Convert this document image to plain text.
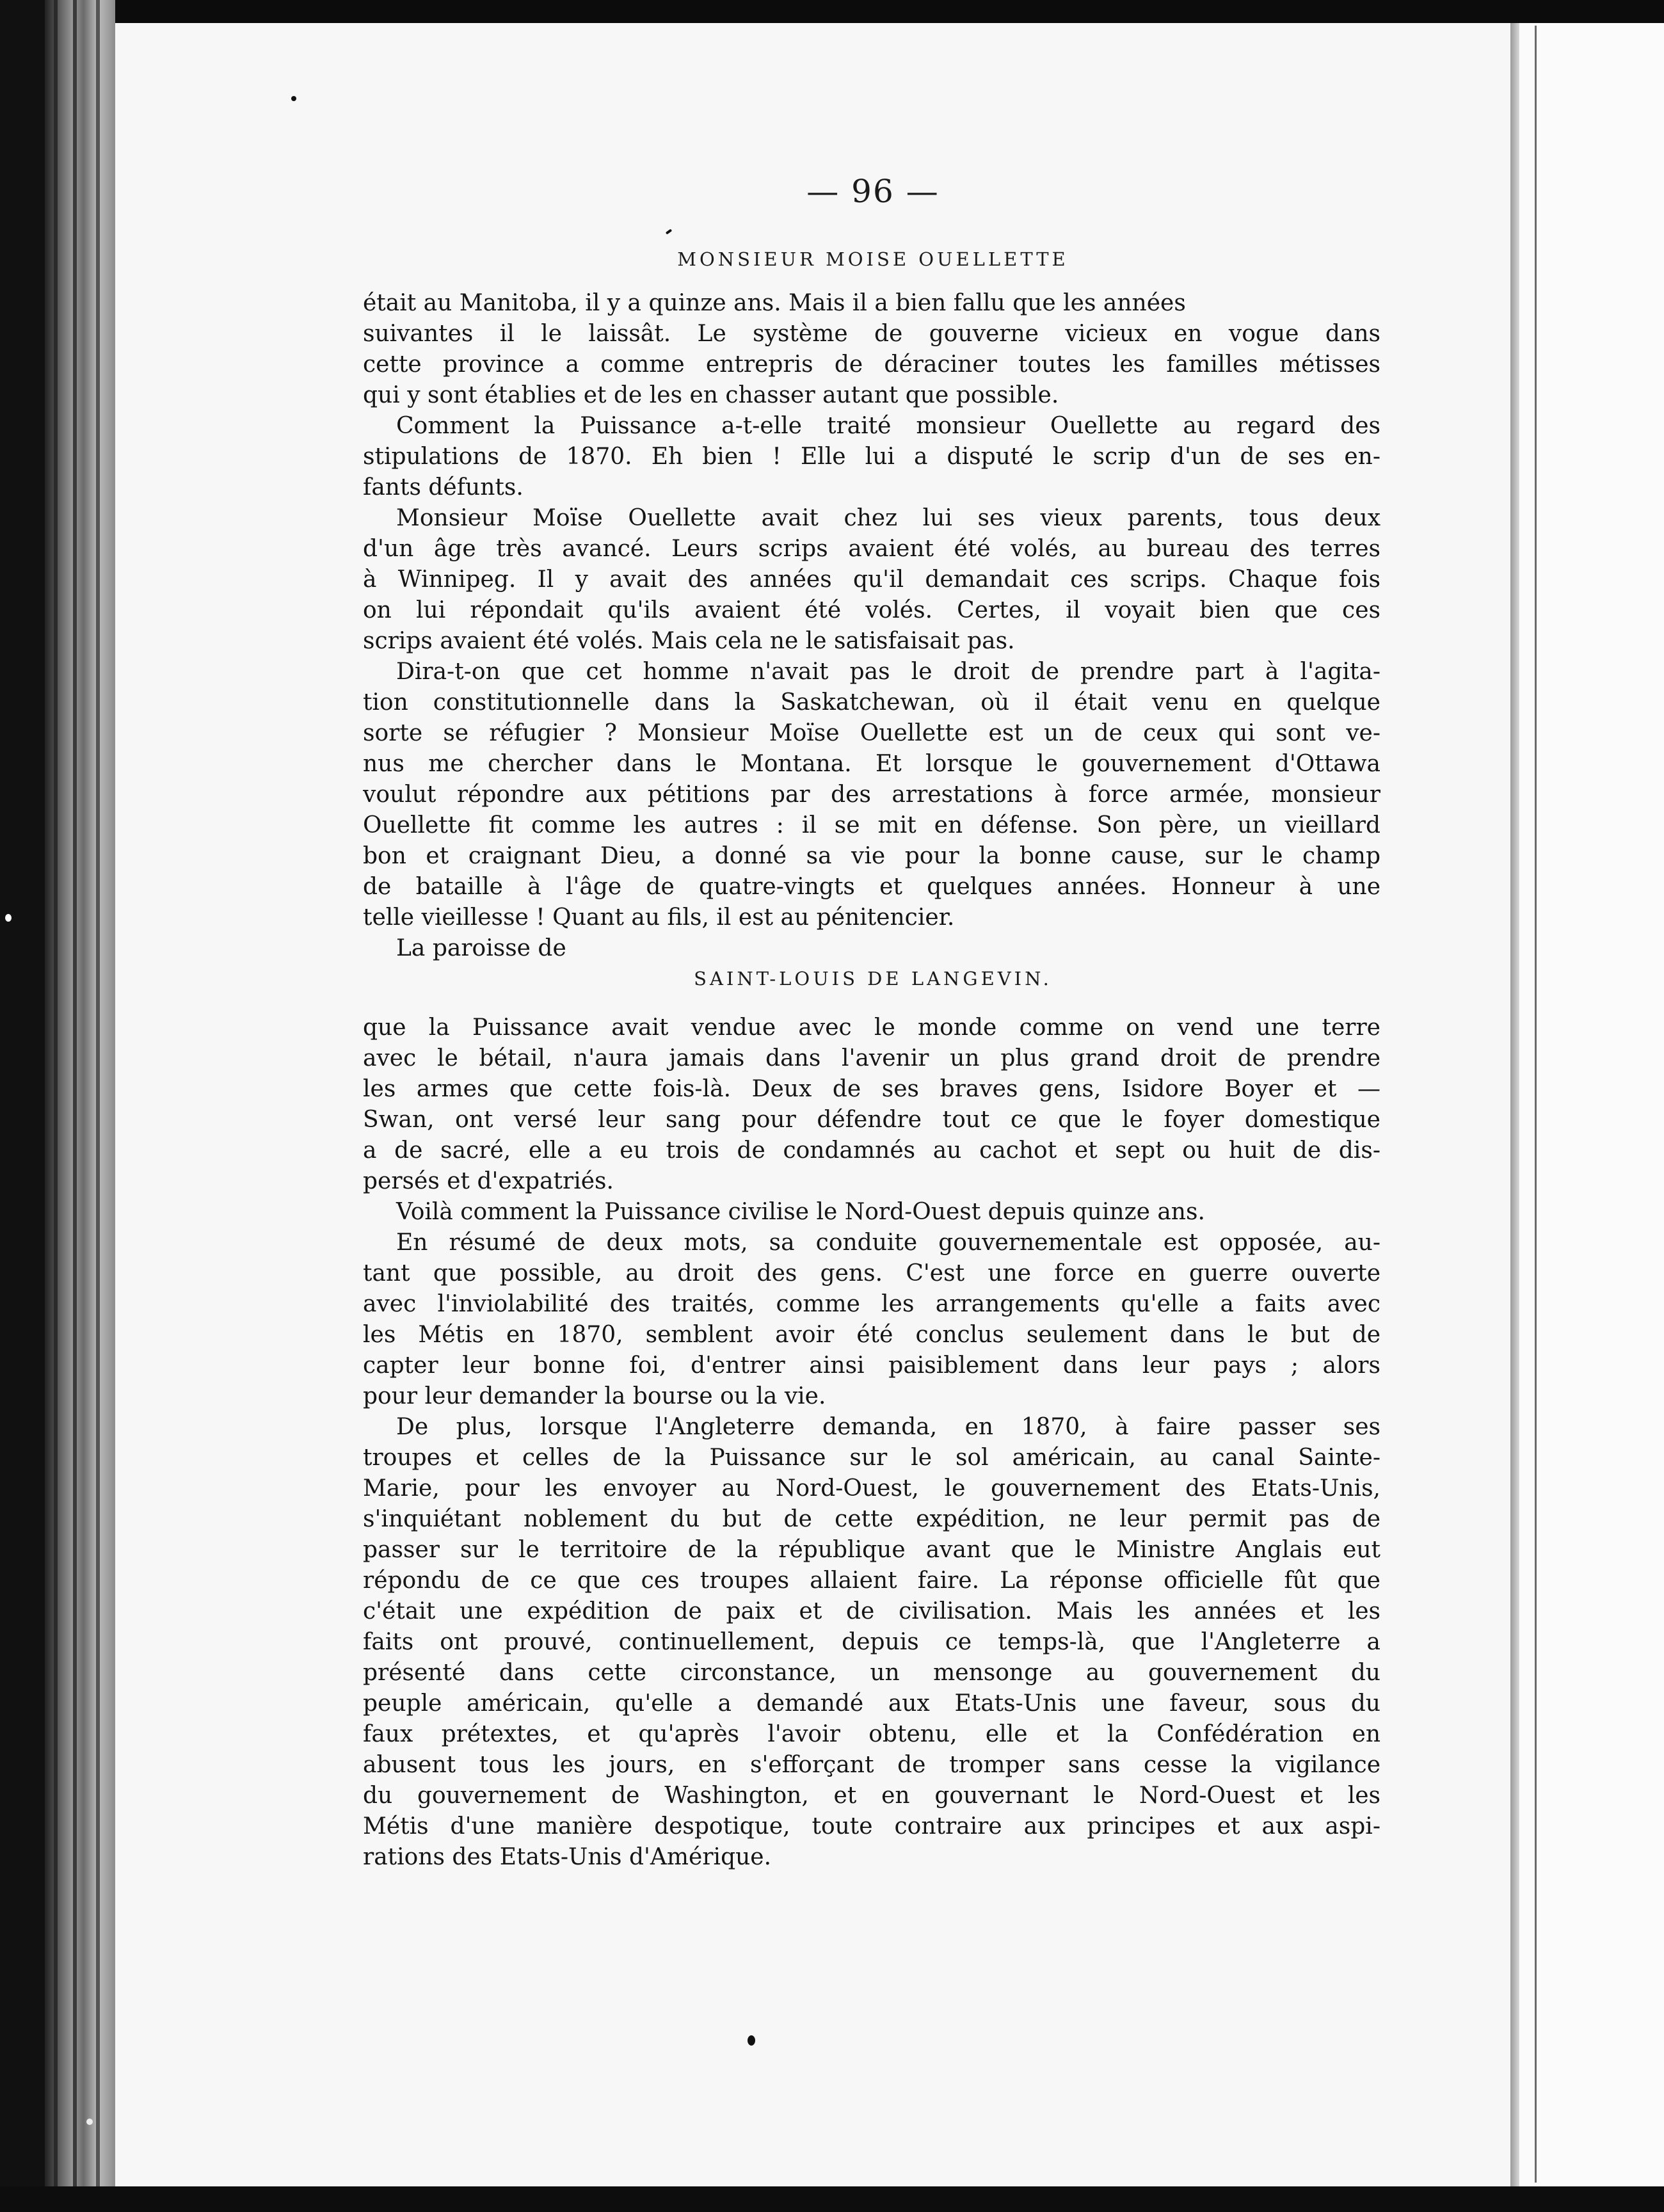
— 96 —
MONSIEUR MOISE OUELLETTE
était au Manitoba, il y a quinze ans. Mais il a bien fallu que les années
suivantes il le laissât. Le système de gouverne vicieux en vogue dans
cette province a comme entrepris de déraciner toutes les familles métisses
qui y sont établies et de les en chasser autant que possible.
Comment la Puissance a-t-elle traité monsieur Ouellette au regard des
stipulations de 1870. Eh bien ! Elle lui a disputé le scrip d'un de ses en-
fants défunts.
Monsieur Moïse Ouellette avait chez lui ses vieux parents, tous deux
d'un âge très avancé. Leurs scrips avaient été volés, au bureau des terres
à Winnipeg. Il y avait des années qu'il demandait ces scrips. Chaque fois
on lui répondait qu'ils avaient été volés. Certes, il voyait bien que ces
scrips avaient été volés. Mais cela ne le satisfaisait pas.
Dira-t-on que cet homme n'avait pas le droit de prendre part à l'agita-
tion constitutionnelle dans la Saskatchewan, où il était venu en quelque
sorte se réfugier ? Monsieur Moïse Ouellette est un de ceux qui sont ve-
nus me chercher dans le Montana. Et lorsque le gouvernement d'Ottawa
voulut répondre aux pétitions par des arrestations à force armée, monsieur
Ouellette fit comme les autres : il se mit en défense. Son père, un vieillard
bon et craignant Dieu, a donné sa vie pour la bonne cause, sur le champ
de bataille à l'âge de quatre-vingts et quelques années. Honneur à une
telle vieillesse ! Quant au fils, il est au pénitencier.
La paroisse de
SAINT-LOUIS DE LANGEVIN.
que la Puissance avait vendue avec le monde comme on vend une terre
avec le bétail, n'aura jamais dans l'avenir un plus grand droit de prendre
les armes que cette fois-là. Deux de ses braves gens, Isidore Boyer et —
Swan, ont versé leur sang pour défendre tout ce que le foyer domestique
a de sacré, elle a eu trois de condamnés au cachot et sept ou huit de dis-
persés et d'expatriés.
Voilà comment la Puissance civilise le Nord-Ouest depuis quinze ans.
En résumé de deux mots, sa conduite gouvernementale est opposée, au-
tant que possible, au droit des gens. C'est une force en guerre ouverte
avec l'inviolabilité des traités, comme les arrangements qu'elle a faits avec
les Métis en 1870, semblent avoir été conclus seulement dans le but de
capter leur bonne foi, d'entrer ainsi paisiblement dans leur pays ; alors
pour leur demander la bourse ou la vie.
De plus, lorsque l'Angleterre demanda, en 1870, à faire passer ses
troupes et celles de la Puissance sur le sol américain, au canal Sainte-
Marie, pour les envoyer au Nord-Ouest, le gouvernement des Etats-Unis,
s'inquiétant noblement du but de cette expédition, ne leur permit pas de
passer sur le territoire de la république avant que le Ministre Anglais eut
répondu de ce que ces troupes allaient faire. La réponse officielle fût que
c'était une expédition de paix et de civilisation. Mais les années et les
faits ont prouvé, continuellement, depuis ce temps-là, que l'Angleterre a
présenté dans cette circonstance, un mensonge au gouvernement du
peuple américain, qu'elle a demandé aux Etats-Unis une faveur, sous du
faux prétextes, et qu'après l'avoir obtenu, elle et la Confédération en
abusent tous les jours, en s'efforçant de tromper sans cesse la vigilance
du gouvernement de Washington, et en gouvernant le Nord-Ouest et les
Métis d'une manière despotique, toute contraire aux principes et aux aspi-
rations des Etats-Unis d'Amérique.
